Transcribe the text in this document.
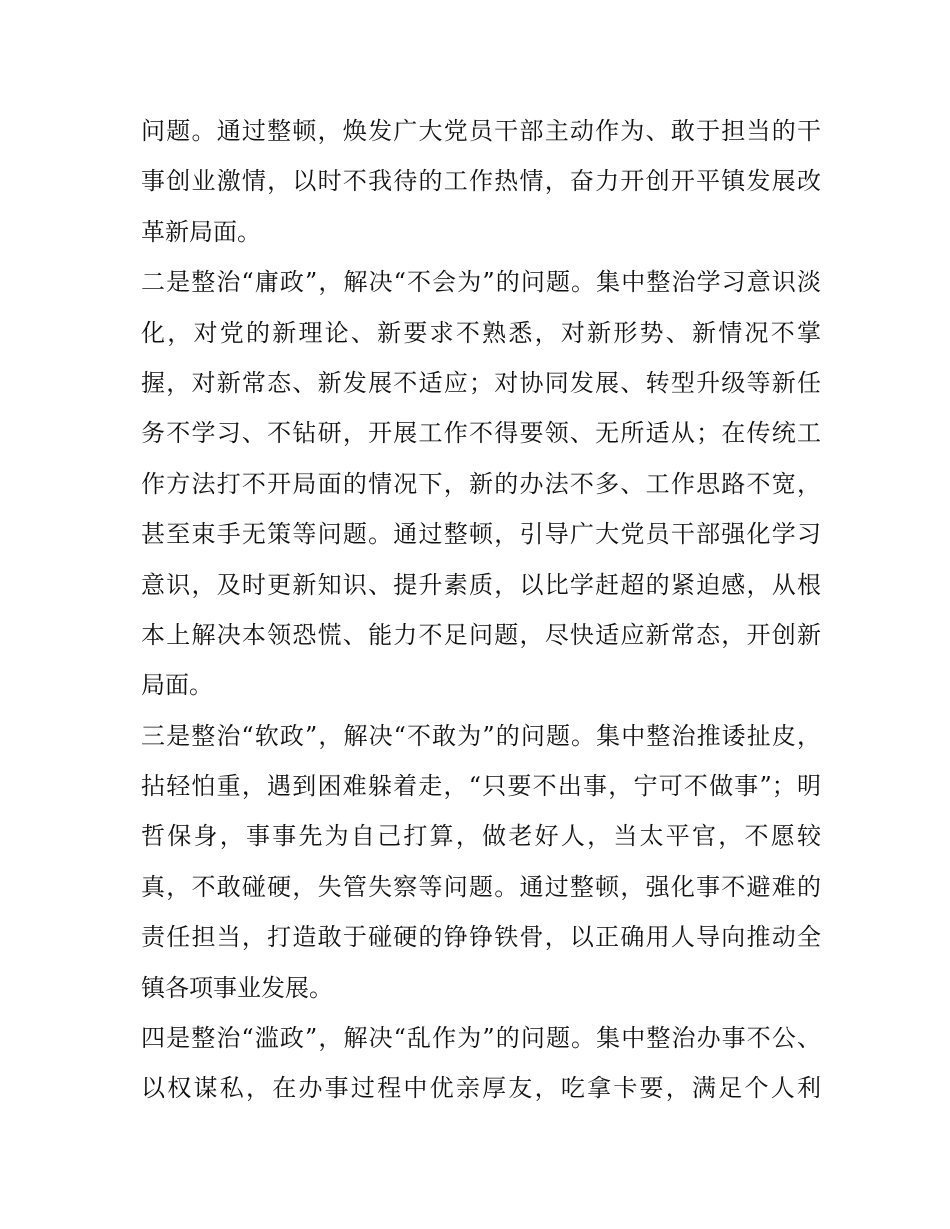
问题。通过整顿，焕发广大党员干部主动作为、敢于担当的干
事创业激情，以时不我待的工作热情，奋力开创开平镇发展改
革新局面。
二是整治“庸政”，解决“不会为”的问题。集中整治学习意识淡
化，对党的新理论、新要求不熟悉，对新形势、新情况不掌
握，对新常态、新发展不适应；对协同发展、转型升级等新任
务不学习、不钻研，开展工作不得要领、无所适从；在传统工
作方法打不开局面的情况下，新的办法不多、工作思路不宽，
甚至束手无策等问题。通过整顿，引导广大党员干部强化学习
意识，及时更新知识、提升素质，以比学赶超的紧迫感，从根
本上解决本领恐慌、能力不足问题，尽快适应新常态，开创新
局面。
三是整治“软政”，解决“不敢为”的问题。集中整治推诿扯皮，
拈轻怕重，遇到困难躲着走，“只要不出事，宁可不做事”；明
哲保身，事事先为自己打算，做老好人，当太平官，不愿较
真，不敢碰硬，失管失察等问题。通过整顿，强化事不避难的
责任担当，打造敢于碰硬的铮铮铁骨，以正确用人导向推动全
镇各项事业发展。
四是整治“滥政”，解决“乱作为”的问题。集中整治办事不公、
以权谋私，在办事过程中优亲厚友，吃拿卡要，满足个人利
